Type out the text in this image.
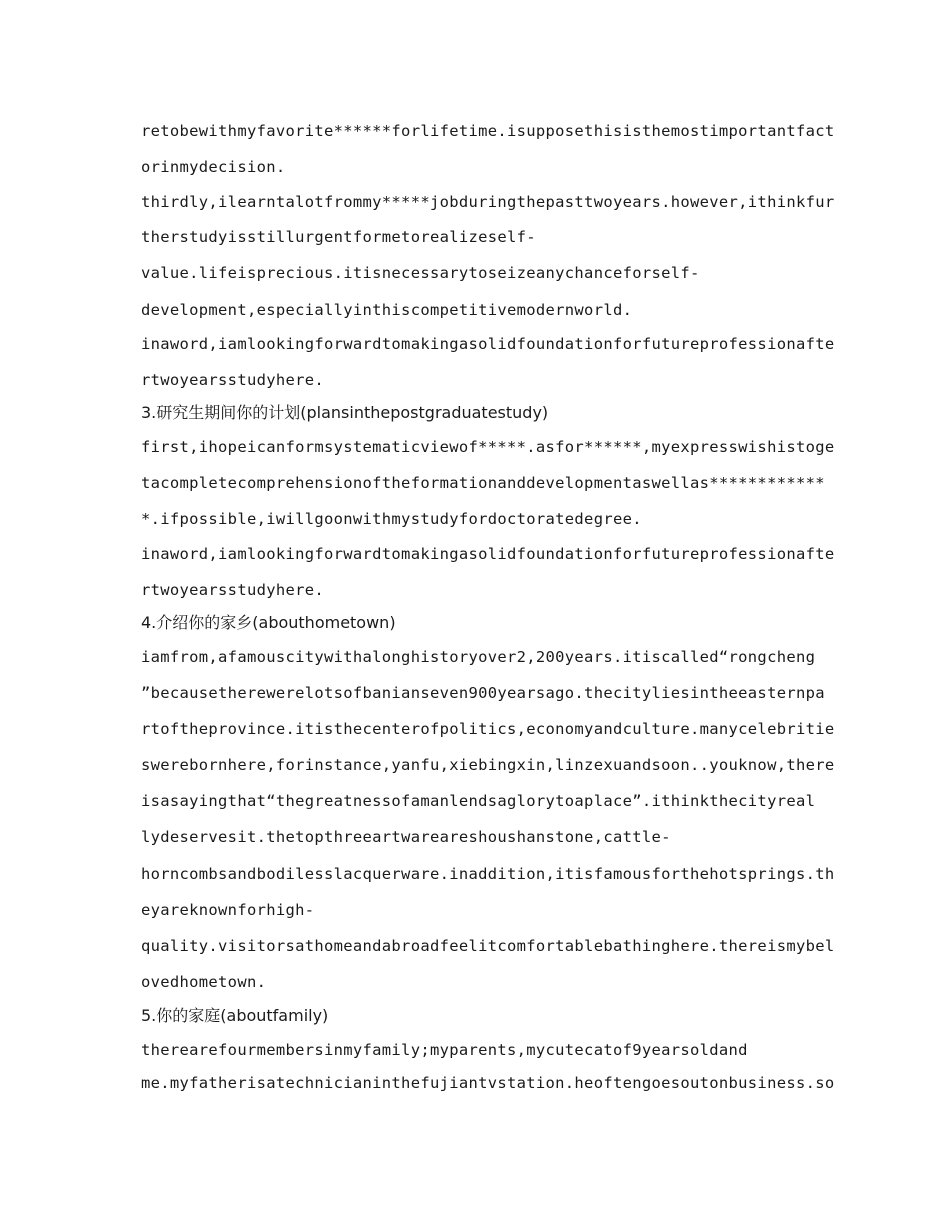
retobewithmyfavorite******forlifetime.isupposethisisthemostimportantfact
orinmydecision.
thirdly,ilearntalotfrommy*****jobduringthepasttwoyears.however,ithinkfur
therstudyisstillurgentformetorealizeself-
value.lifeisprecious.itisnecessarytoseizeanychanceforself-
development,especiallyinthiscompetitivemodernworld.
inaword,iamlookingforwardtomakingasolidfoundationforfutureprofessionafte
rtwoyearsstudyhere.
3.研究生期间你的计划(plansinthepostgraduatestudy)
first,ihopeicanformsystematicviewof*****.asfor******,myexpresswishistoge
tacompletecomprehensionoftheformationanddevelopmentaswellas************
*.ifpossible,iwillgoonwithmystudyfordoctoratedegree.
inaword,iamlookingforwardtomakingasolidfoundationforfutureprofessionafte
rtwoyearsstudyhere.
4.介绍你的家乡(abouthometown)
iamfrom,afamouscitywithalonghistoryover2,200years.itiscalled“rongcheng
”becausetherewerelotsofbanianseven900yearsago.thecityliesintheeasternpa
rtoftheprovince.itisthecenterofpolitics,economyandculture.manycelebritie
swerebornhere,forinstance,yanfu,xiebingxin,linzexuandsoon..youknow,there
isasayingthat“thegreatnessofamanlendsaglorytoaplace”.ithinkthecityreal
lydeservesit.thetopthreeartwareareshoushanstone,cattle-
horncombsandbodilesslacquerware.inaddition,itisfamousforthehotsprings.th
eyareknownforhigh-
quality.visitorsathomeandabroadfeelitcomfortablebathinghere.thereismybel
ovedhometown.
5.你的家庭(aboutfamily)
therearefourmembersinmyfamily;myparents,mycutecatof9yearsoldand
me.myfatherisatechnicianinthefujiantvstation.heoftengoesoutonbusiness.so
